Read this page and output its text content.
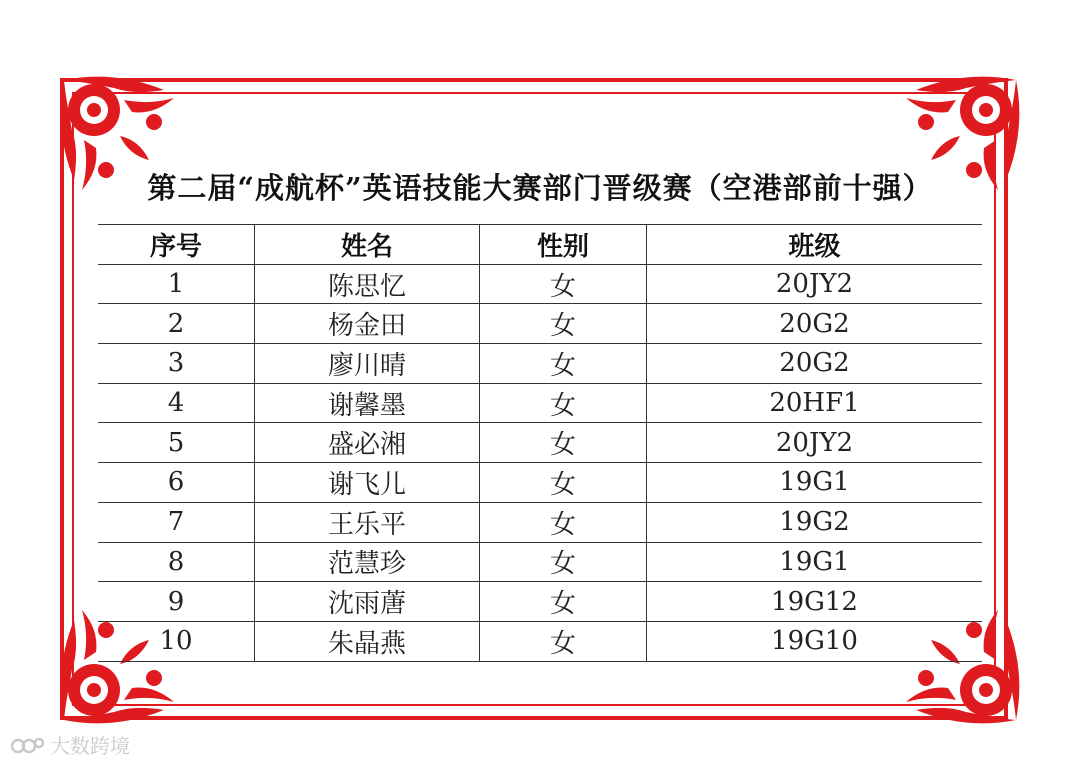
第二届“成航杯”英语技能大赛部门晋级赛（空港部前十强）
序号	姓名	性别	班级
1	陈思忆	女	20JY2
2	杨金田	女	20G2
3	廖川晴	女	20G2
4	谢馨墨	女	20HF1
5	盛必湘	女	20JY2
6	谢飞儿	女	19G1
7	王乐平	女	19G2
8	范慧珍	女	19G1
9	沈雨蓎	女	19G12
10	朱晶燕	女	19G10
大数跨境
